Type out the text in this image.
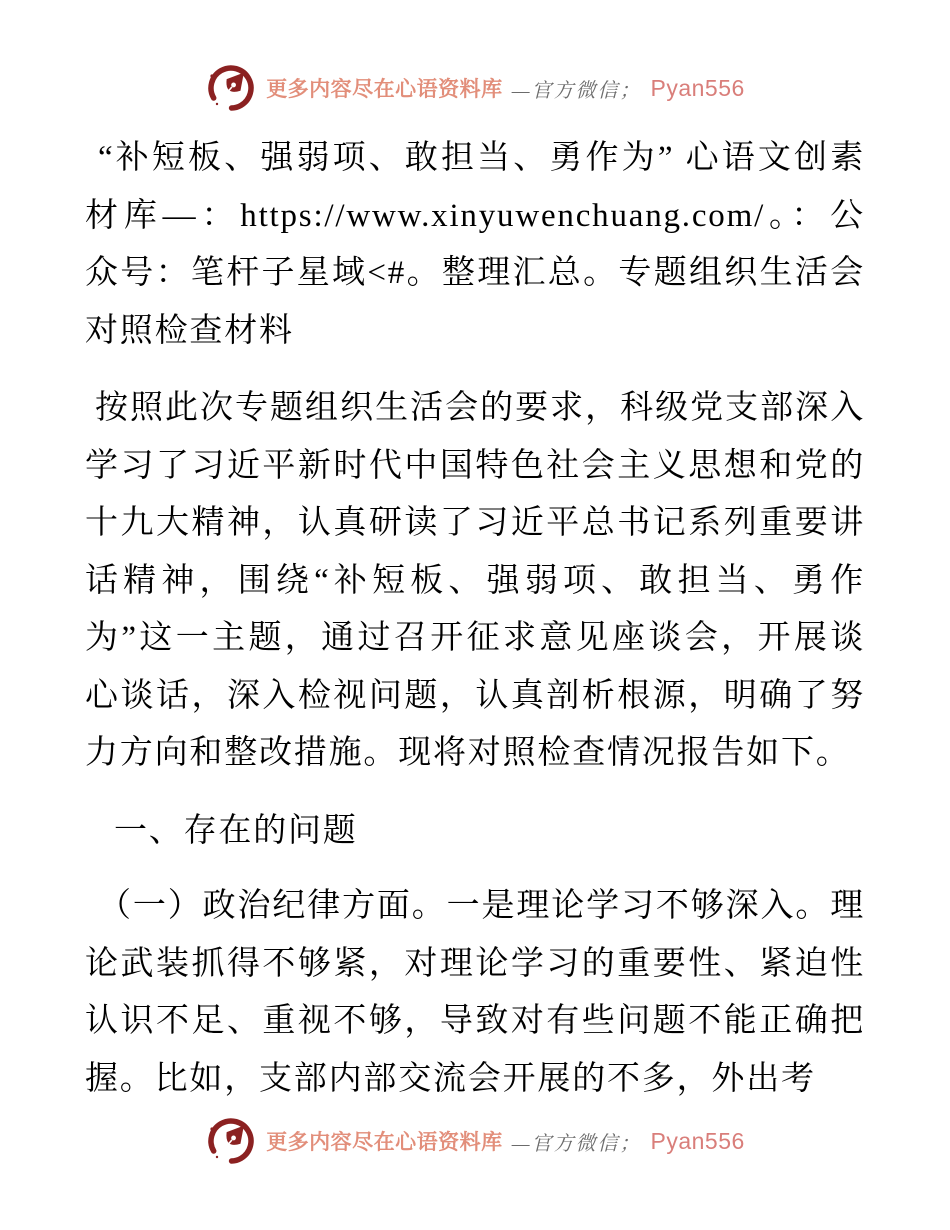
更多内容尽在心语资料库 —官方微信； Pyan556

“补短板、强弱项、敢担当、勇作为” 心语文创素材库—：https://www.xinyuwenchuang.com/。：公众号：笔杆子星域<#。整理汇总。专题组织生活会对照检查材料

按照此次专题组织生活会的要求，科级党支部深入学习了习近平新时代中国特色社会主义思想和党的十九大精神，认真研读了习近平总书记系列重要讲话精神，围绕“补短板、强弱项、敢担当、勇作为”这一主题，通过召开征求意见座谈会，开展谈心谈话，深入检视问题，认真剖析根源，明确了努力方向和整改措施。现将对照检查情况报告如下。

一、存在的问题

（一）政治纪律方面。一是理论学习不够深入。理论武装抓得不够紧，对理论学习的重要性、紧迫性认识不足、重视不够，导致对有些问题不能正确把握。比如，支部内部交流会开展的不多，外出考

更多内容尽在心语资料库 —官方微信； Pyan556
